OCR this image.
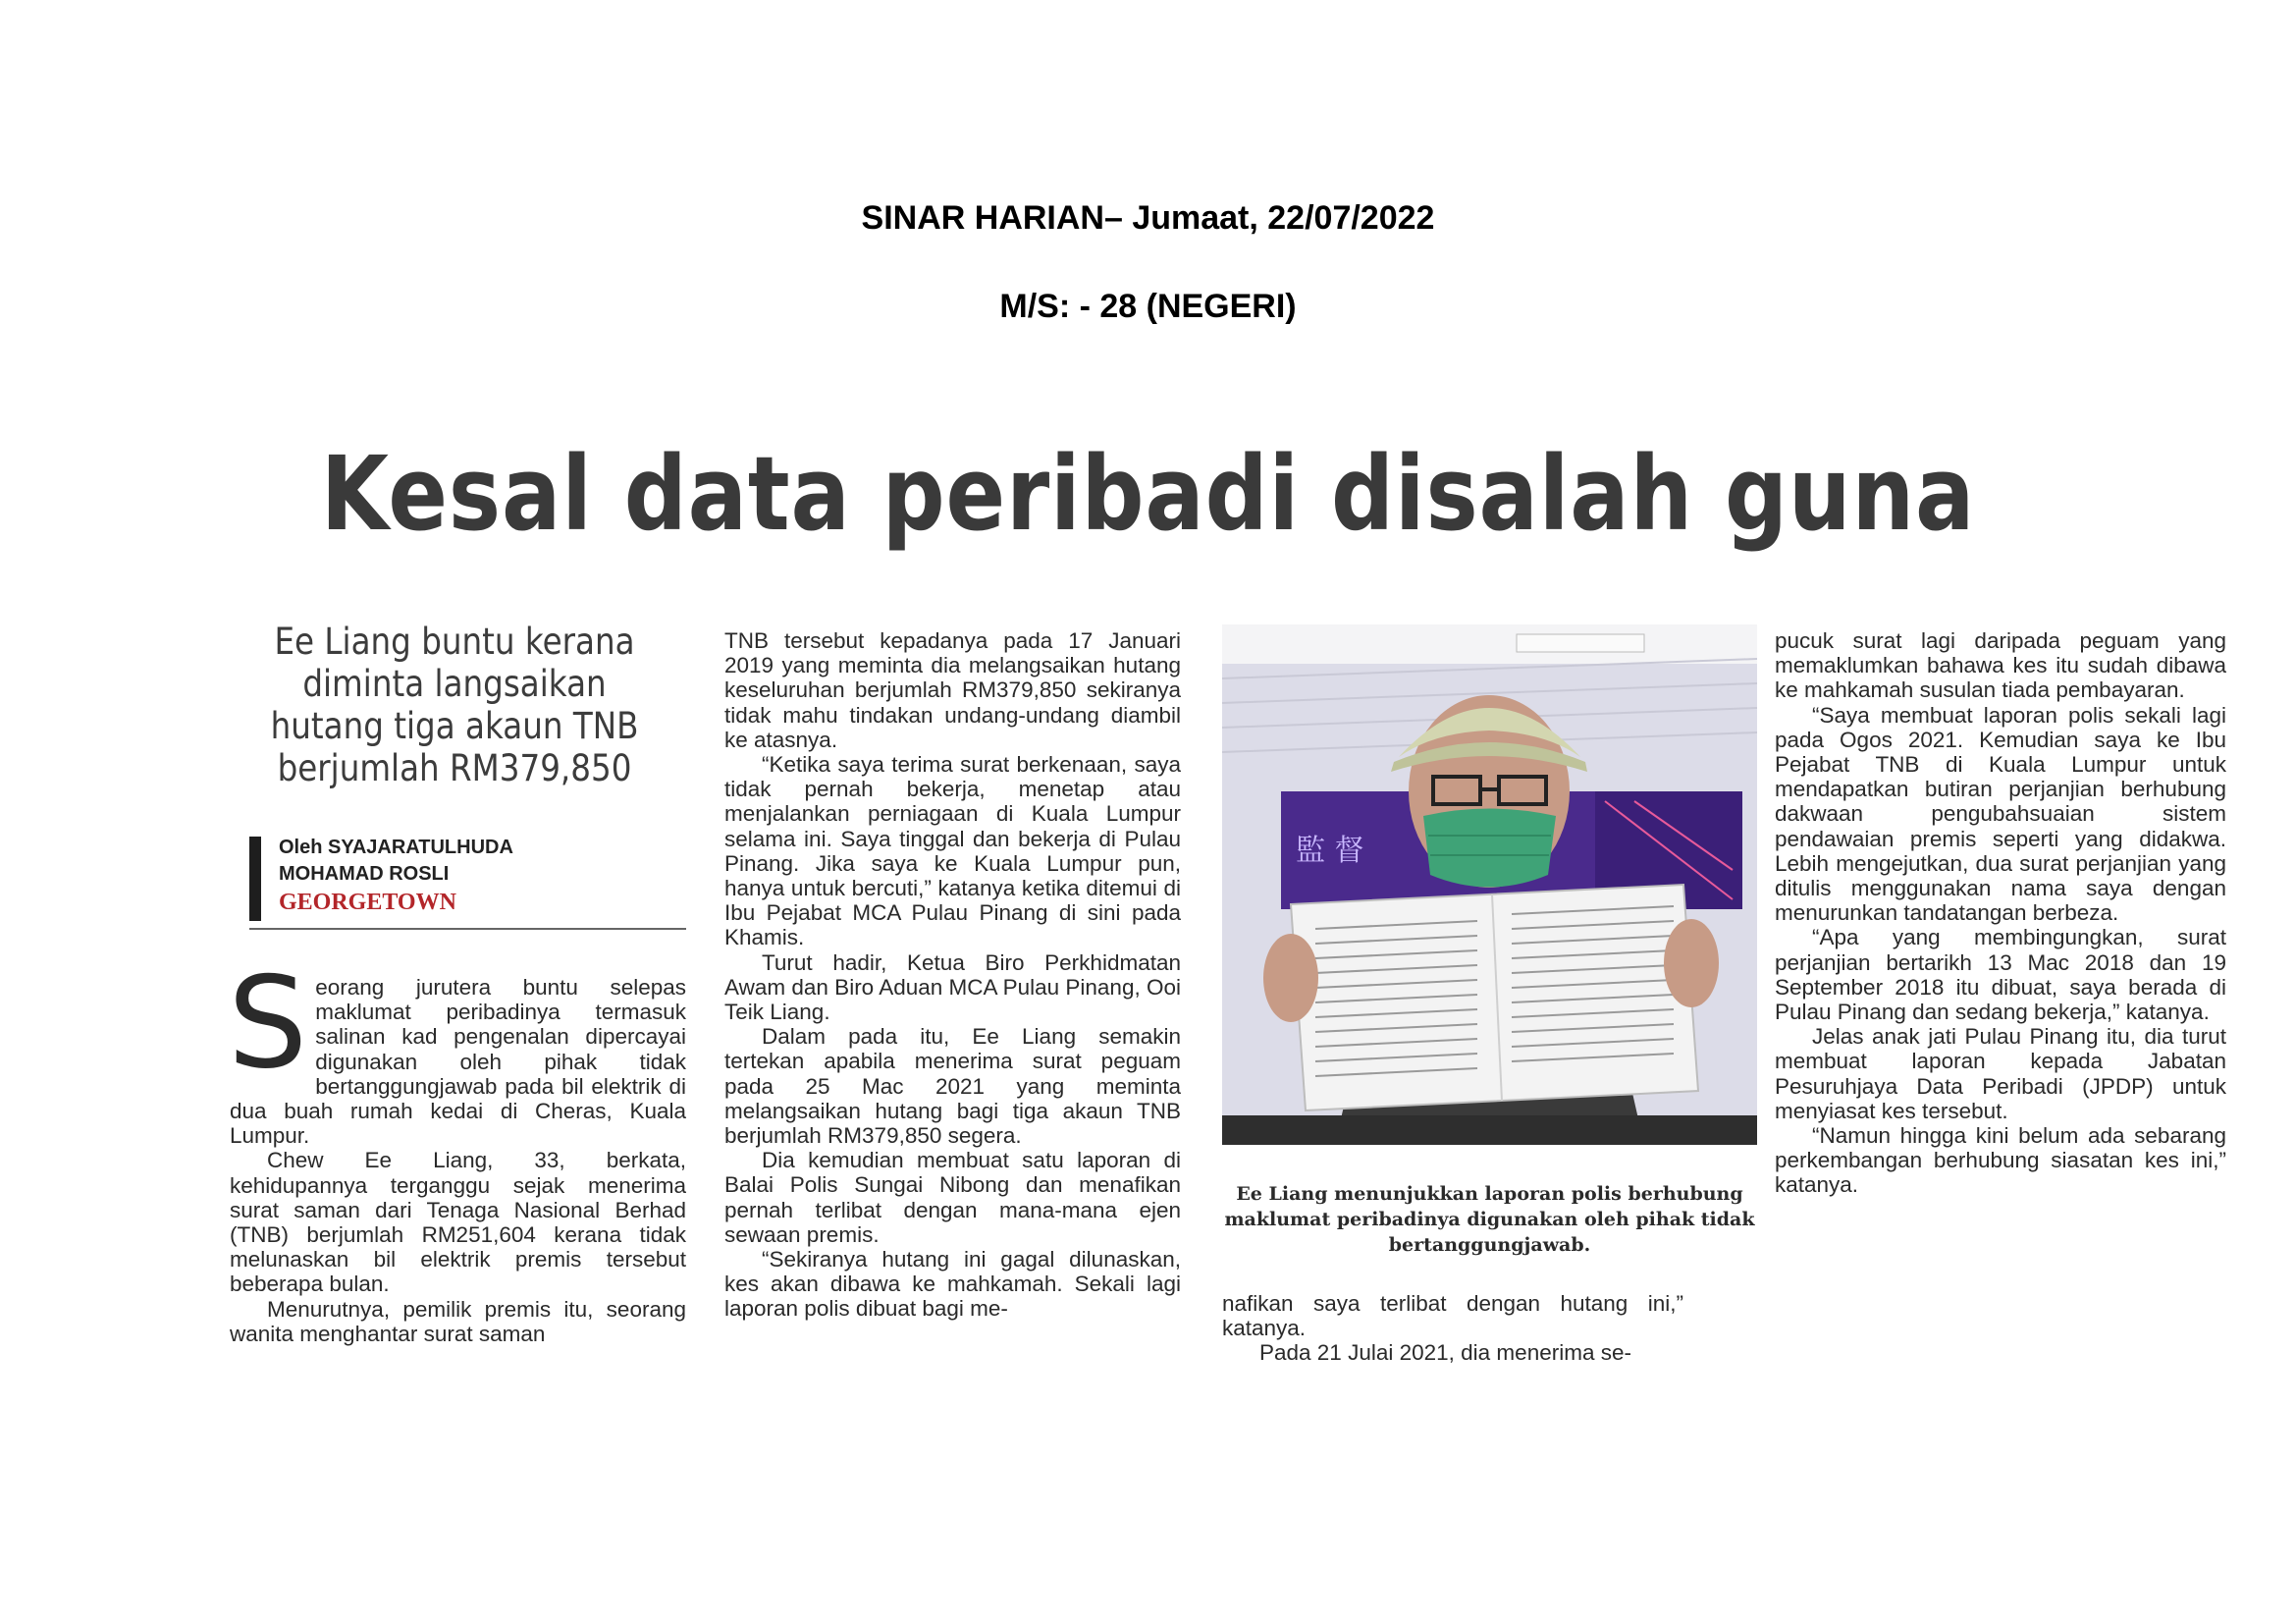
SINAR HARIAN– Jumaat, 22/07/2022
M/S: - 28 (NEGERI)
Kesal data peribadi disalah guna
Ee Liang buntu kerana diminta langsaikan hutang tiga akaun TNB berjumlah RM379,850
Oleh SYAJARATULHUDA
MOHAMAD ROSLI
GEORGETOWN

Seorang jurutera buntu selepas maklumat peribadinya termasuk salinan kad pengenalan dipercayai digunakan oleh pihak tidak bertanggungjawab pada bil elektrik di dua buah rumah kedai di Cheras, Kuala Lumpur.

Chew Ee Liang, 33, berkata, kehidupannya terganggu sejak menerima surat saman dari Tenaga Nasional Berhad (TNB) berjumlah RM251,604 kerana tidak melunaskan bil elektrik premis tersebut beberapa bulan.

Menurutnya, pemilik premis itu, seorang wanita menghantar surat saman

TNB tersebut kepadanya pada 17 Januari 2019 yang meminta dia melangsaikan hutang keseluruhan berjumlah RM379,850 sekiranya tidak mahu tindakan undang-undang diambil ke atasnya.

“Ketika saya terima surat berkenaan, saya tidak pernah bekerja, menetap atau menjalankan perniagaan di Kuala Lumpur selama ini. Saya tinggal dan bekerja di Pulau Pinang. Jika saya ke Kuala Lumpur pun, hanya untuk bercuti,” katanya ketika ditemui di Ibu Pejabat MCA Pulau Pinang di sini pada Khamis.

Turut hadir, Ketua Biro Perkhidmatan Awam dan Biro Aduan MCA Pulau Pinang, Ooi Teik Liang.

Dalam pada itu, Ee Liang semakin tertekan apabila menerima surat peguam pada 25 Mac 2021 yang meminta melangsaikan hutang bagi tiga akaun TNB berjumlah RM379,850 segera.

Dia kemudian membuat satu laporan di Balai Polis Sungai Nibong dan menafikan pernah terlibat dengan mana-mana ejen sewaan premis.

“Sekiranya hutang ini gagal dilunaskan, kes akan dibawa ke mahkamah. Sekali lagi laporan polis dibuat bagi me-

監 督
Ee Liang menunjukkan laporan polis berhubung maklumat peribadinya digunakan oleh pihak tidak bertanggungjawab.

nafikan saya terlibat dengan hutang ini,” katanya.

Pada 21 Julai 2021, dia menerima se-

pucuk surat lagi daripada peguam yang memaklumkan bahawa kes itu sudah dibawa ke mahkamah susulan tiada pembayaran.

“Saya membuat laporan polis sekali lagi pada Ogos 2021. Kemudian saya ke Ibu Pejabat TNB di Kuala Lumpur untuk mendapatkan butiran perjanjian berhubung dakwaan pengubahsuaian sistem pendawaian premis seperti yang didakwa. Lebih mengejutkan, dua surat perjanjian yang ditulis menggunakan nama saya dengan menurunkan tandatangan berbeza.

“Apa yang membingungkan, surat perjanjian bertarikh 13 Mac 2018 dan 19 September 2018 itu dibuat, saya berada di Pulau Pinang dan sedang bekerja,” katanya.

Jelas anak jati Pulau Pinang itu, dia turut membuat laporan kepada Jabatan Pesuruhjaya Data Peribadi (JPDP) untuk menyiasat kes tersebut.

“Namun hingga kini belum ada sebarang perkembangan berhubung siasatan kes ini,” katanya.
